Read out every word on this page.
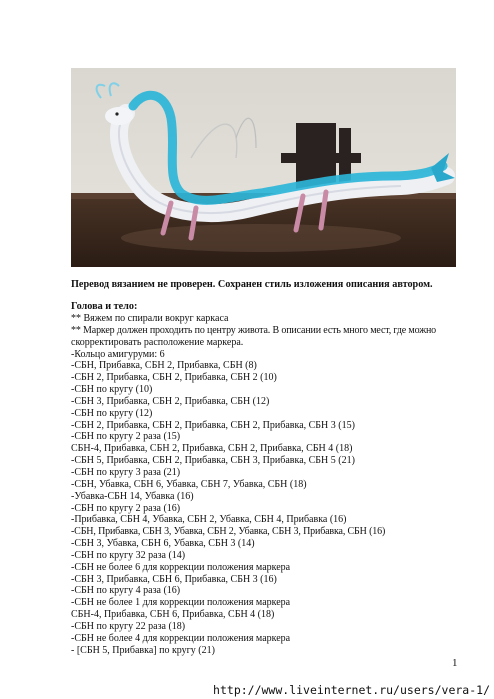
Перевод вязанием не проверен. Сохранен стиль изложения описания автором.
Голова и тело:
** Вяжем по спирали вокруг каркаса
** Маркер должен проходить по центру живота. В описании есть много мест, где можно
скорректировать расположение маркера.
-Кольцо амигуруми: 6
-СБН, Прибавка, СБН 2, Прибавка, СБН (8)
-СБН 2, Прибавка, СБН 2, Прибавка, СБН 2 (10)
-СБН по кругу (10)
-СБН 3, Прибавка, СБН 2, Прибавка, СБН (12)
-СБН по кругу (12)
-СБН 2, Прибавка, СБН 2, Прибавка, СБН 2, Прибавка, СБН 3 (15)
-СБН по кругу 2 раза (15)
СБН-4, Прибавка, СБН 2, Прибавка, СБН 2, Прибавка, СБН 4 (18)
-СБН 5, Прибавка, СБН 2, Прибавка, СБН 3, Прибавка, СБН 5 (21)
-СБН по кругу 3 раза (21)
-СБН, Убавка, СБН 6, Убавка, СБН 7, Убавка, СБН (18)
-Убавка-СБН 14, Убавка (16)
-СБН по кругу 2 раза (16)
-Прибавка, СБН 4, Убавка, СБН 2, Убавка, СБН 4, Прибавка (16)
-СБН, Прибавка, СБН 3, Убавка, СБН 2, Убавка, СБН 3, Прибавка, СБН (16)
-СБН 3, Убавка, СБН 6, Убавка, СБН 3 (14)
-СБН по кругу 32 раза (14)
-СБН не более 6 для коррекции положения маркера
-СБН 3, Прибавка, СБН 6, Прибавка, СБН 3 (16)
-СБН по кругу 4 раза (16)
-СБН не более 1 для коррекции положения маркера
СБН-4, Прибавка, СБН 6, Прибавка, СБН 4 (18)
-СБН по кругу 22 раза (18)
-СБН не более 4 для коррекции положения маркера
- [СБН 5, Прибавка] по кругу (21)
1
http://www.liveinternet.ru/users/vera-1/
